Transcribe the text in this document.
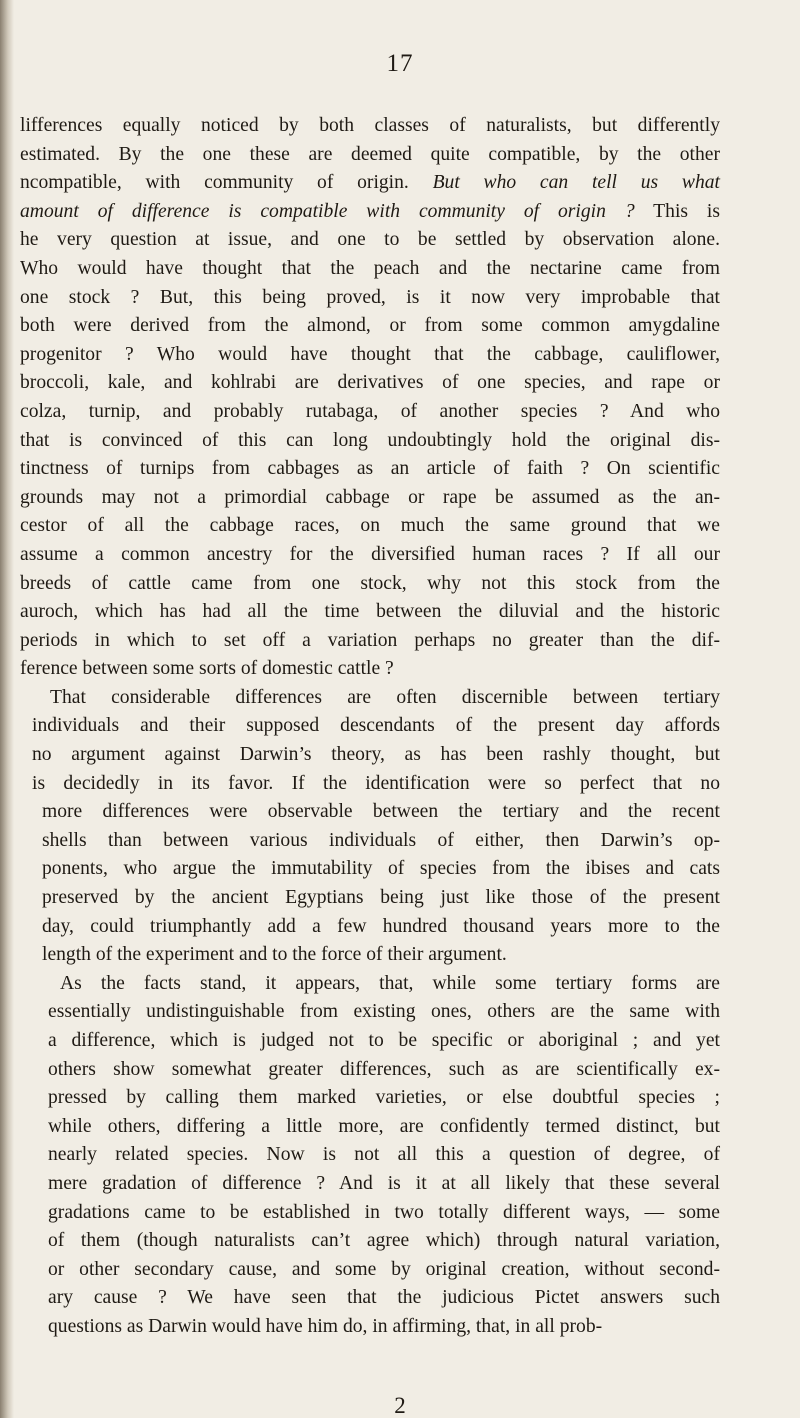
17
lifferences equally noticed by both classes of naturalists, but differently
estimated. By the one these are deemed quite compatible, by the other
ncompatible, with community of origin. But who can tell us what
amount of difference is compatible with community of origin ? This is
he very question at issue, and one to be settled by observation alone.
Who would have thought that the peach and the nectarine came from
one stock ? But, this being proved, is it now very improbable that
both were derived from the almond, or from some common amygdaline
progenitor ? Who would have thought that the cabbage, cauliflower,
broccoli, kale, and kohlrabi are derivatives of one species, and rape or
colza, turnip, and probably rutabaga, of another species ? And who
that is convinced of this can long undoubtingly hold the original dis-
tinctness of turnips from cabbages as an article of faith ? On scientific
grounds may not a primordial cabbage or rape be assumed as the an-
cestor of all the cabbage races, on much the same ground that we
assume a common ancestry for the diversified human races ? If all our
breeds of cattle came from one stock, why not this stock from the
auroch, which has had all the time between the diluvial and the historic
periods in which to set off a variation perhaps no greater than the dif-
ference between some sorts of domestic cattle ?
That considerable differences are often discernible between tertiary
individuals and their supposed descendants of the present day affords
no argument against Darwin’s theory, as has been rashly thought, but
is decidedly in its favor. If the identification were so perfect that no
more differences were observable between the tertiary and the recent
shells than between various individuals of either, then Darwin’s op-
ponents, who argue the immutability of species from the ibises and cats
preserved by the ancient Egyptians being just like those of the present
day, could triumphantly add a few hundred thousand years more to the
length of the experiment and to the force of their argument.
As the facts stand, it appears, that, while some tertiary forms are
essentially undistinguishable from existing ones, others are the same with
a difference, which is judged not to be specific or aboriginal ; and yet
others show somewhat greater differences, such as are scientifically ex-
pressed by calling them marked varieties, or else doubtful species ;
while others, differing a little more, are confidently termed distinct, but
nearly related species. Now is not all this a question of degree, of
mere gradation of difference ? And is it at all likely that these several
gradations came to be established in two totally different ways, — some
of them (though naturalists can’t agree which) through natural variation,
or other secondary cause, and some by original creation, without second-
ary cause ? We have seen that the judicious Pictet answers such
questions as Darwin would have him do, in affirming, that, in all prob-
2
